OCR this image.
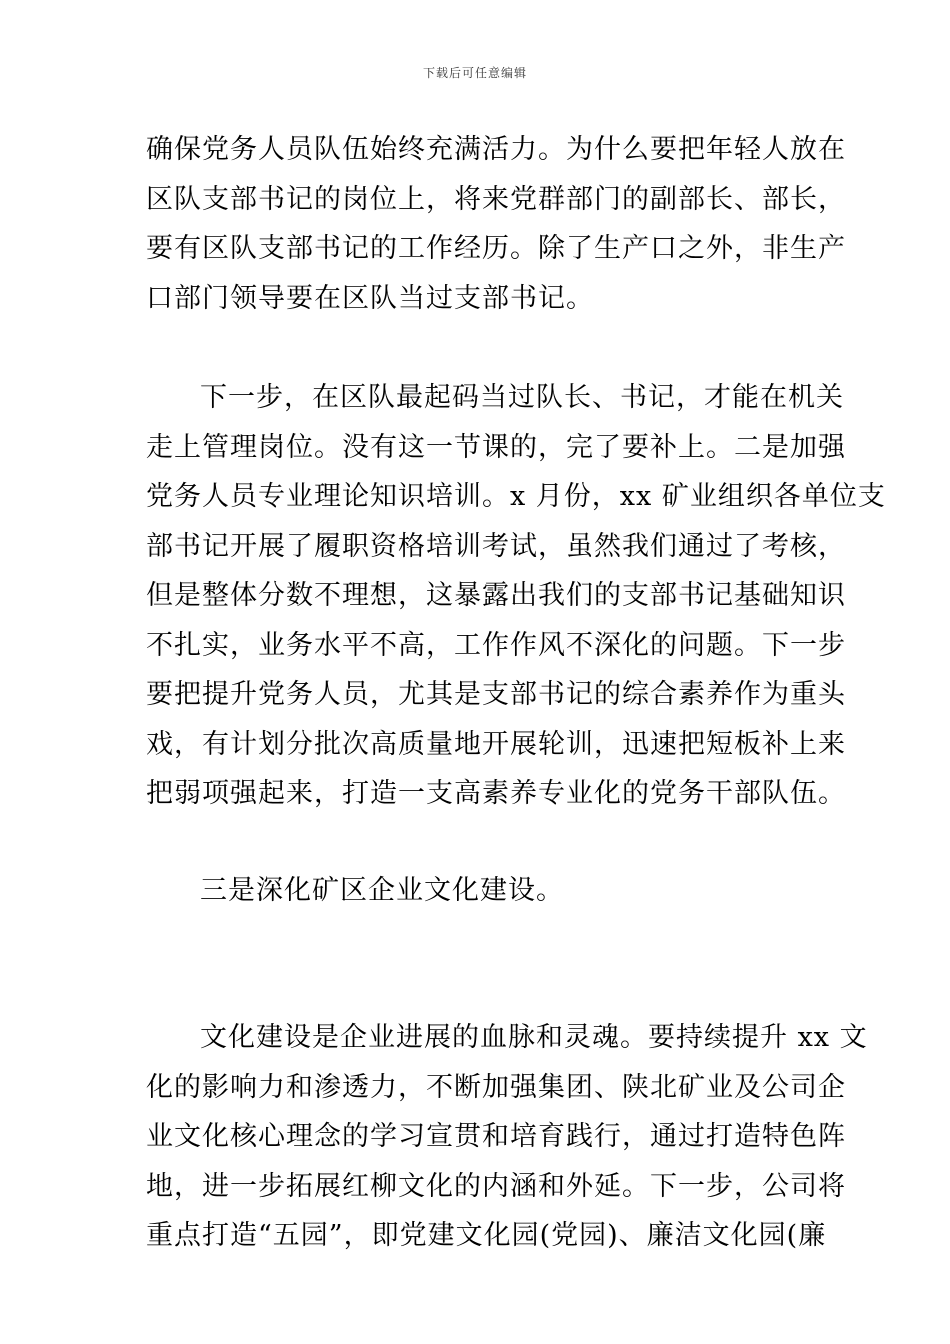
下载后可任意编辑
确保党务人员队伍始终充满活力。为什么要把年轻人放在
区队支部书记的岗位上，将来党群部门的副部长、部长，
要有区队支部书记的工作经历。除了生产口之外，非生产
口部门领导要在区队当过支部书记。
下一步，在区队最起码当过队长、书记，才能在机关
走上管理岗位。没有这一节课的，完了要补上。二是加强
党务人员专业理论知识培训。x 月份，xx 矿业组织各单位支
部书记开展了履职资格培训考试，虽然我们通过了考核，
但是整体分数不理想，这暴露出我们的支部书记基础知识
不扎实，业务水平不高，工作作风不深化的问题。下一步
要把提升党务人员，尤其是支部书记的综合素养作为重头
戏，有计划分批次高质量地开展轮训，迅速把短板补上来
把弱项强起来，打造一支高素养专业化的党务干部队伍。
三是深化矿区企业文化建设。
文化建设是企业进展的血脉和灵魂。要持续提升 xx 文
化的影响力和渗透力，不断加强集团、陕北矿业及公司企
业文化核心理念的学习宣贯和培育践行，通过打造特色阵
地，进一步拓展红柳文化的内涵和外延。下一步，公司将
重点打造“五园”，即党建文化园(党园)、廉洁文化园(廉
